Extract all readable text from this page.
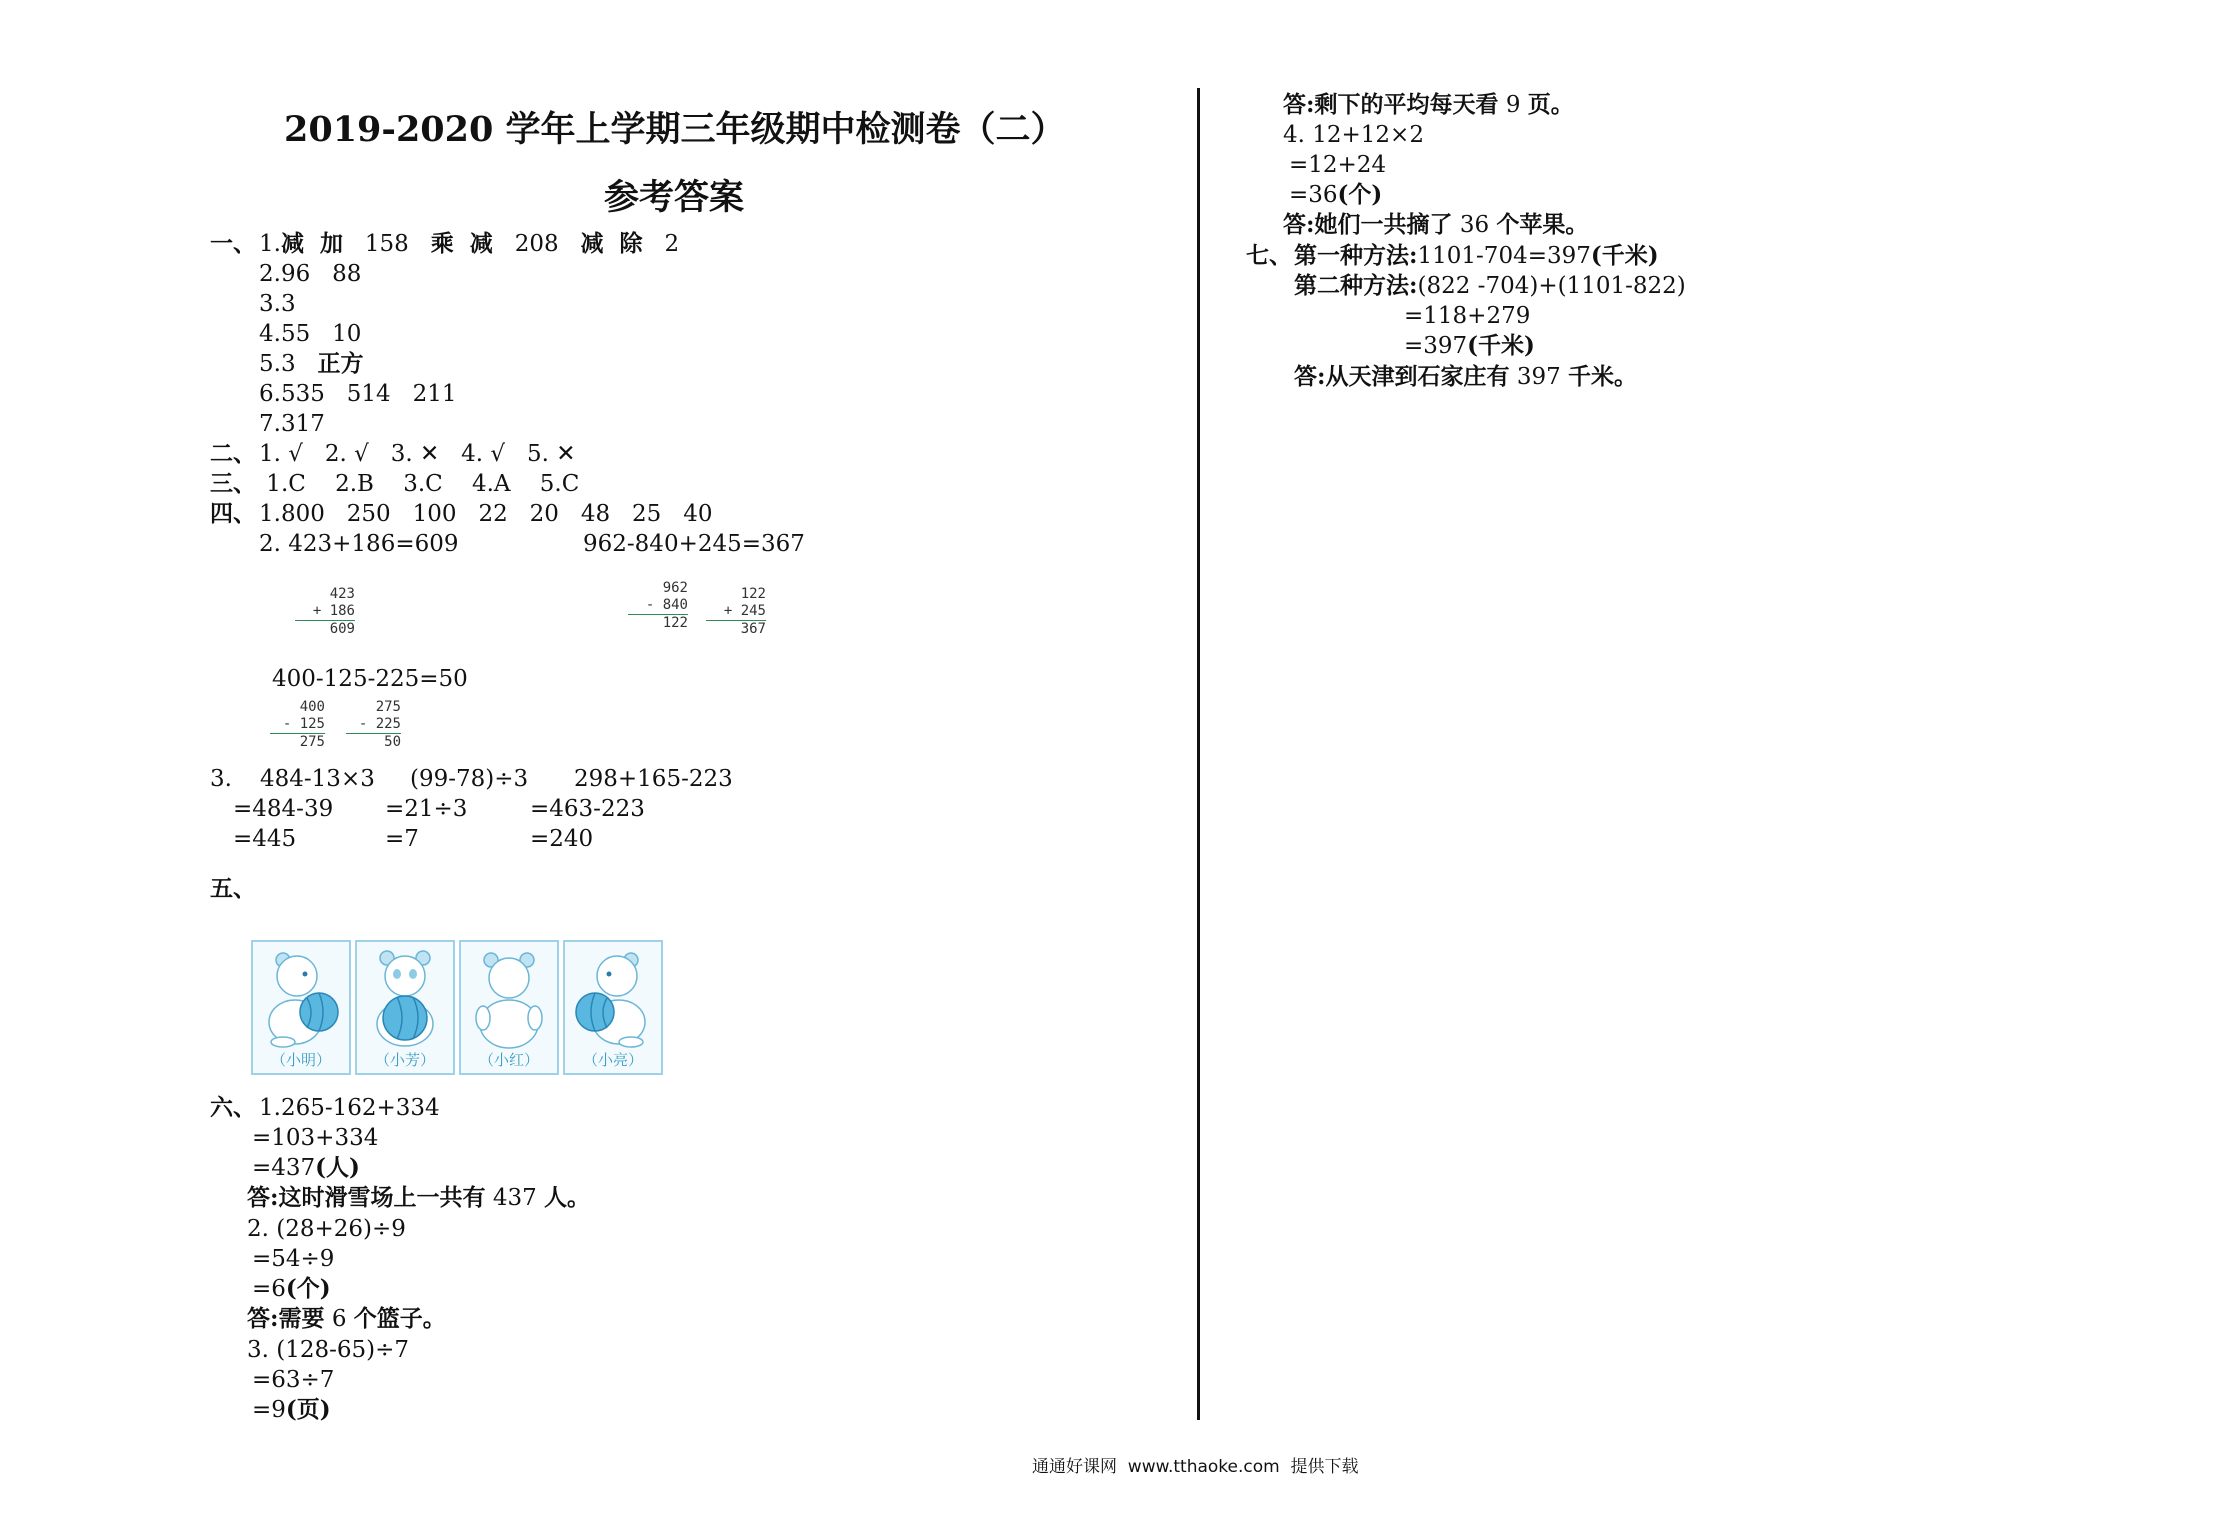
2019-2020 学年上学期三年级期中检测卷（二）
参考答案
一、 1.减  加 158 乘  减 208 减  除 2
2.96   88
3.3
4.55   10
5.3 正方
6.535   514   211
7.317
二、 1. √   2. √   3. ✕   4. √   5. ✕
三、 1.C    2.B    3.C    4.A    5.C
四、 1.800   250   100   22   20   48   25   40
2. 423+186=609	962-840+245=367
423
+ 186
609
962
- 840
122
122
+ 245
367
400-125-225=50
400
- 125
275
275
- 225
50
3. 484-13×3
=484-39
=445
(99-78)÷3
=21÷3
=7
298+165-223
=463-223
=240
五、
（小明）	（小芳）	（小红）	（小亮）
六、 1.265-162+334
=103+334
=437(人)
答:这时滑雪场上一共有 437 人。
2. (28+26)÷9
=54÷9
=6(个)
答:需要 6 个篮子。
3. (128-65)÷7
=63÷7
=9(页)
答:剩下的平均每天看 9 页。
4. 12+12×2
=12+24
=36(个)
答:她们一共摘了 36 个苹果。
七、 第一种方法:1101-704=397(千米)
第二种方法:(822 -704)+(1101-822)
=118+279
=397(千米)
答:从天津到石家庄有 397 千米。
通通好课网  www.tthaoke.com  提供下载
